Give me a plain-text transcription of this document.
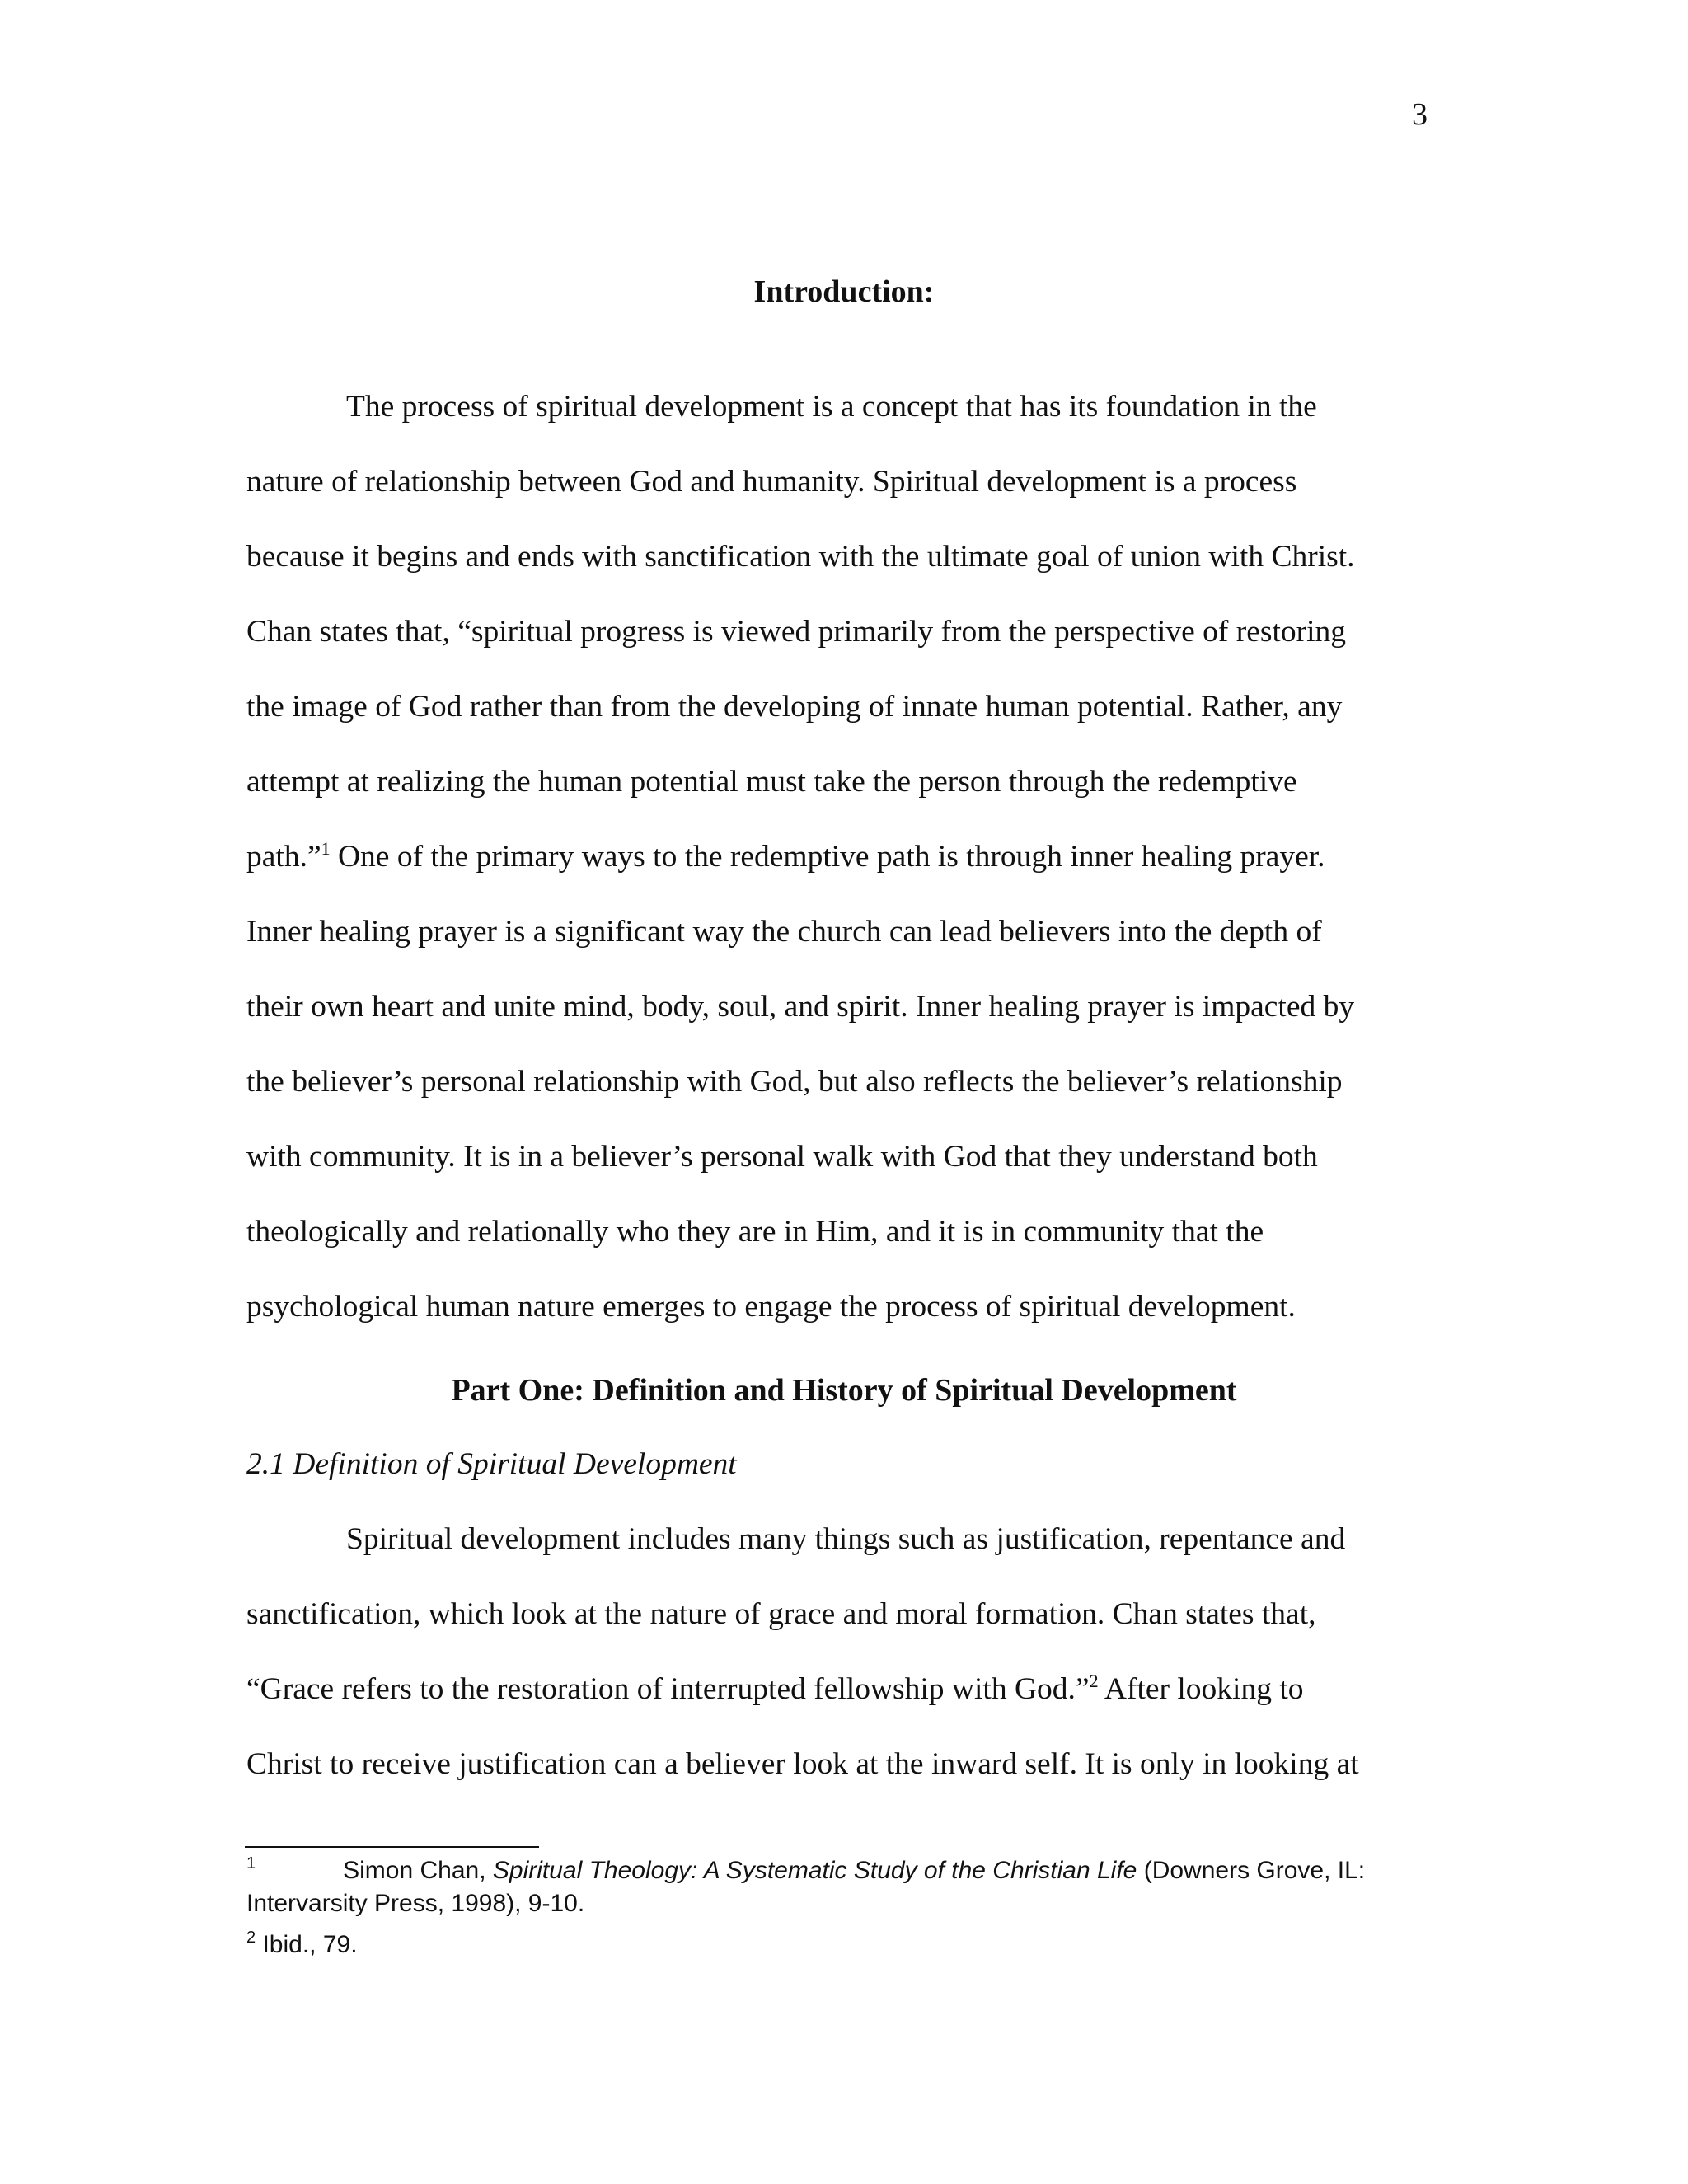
3
Introduction:
The process of spiritual development is a concept that has its foundation in the
nature of relationship between God and humanity. Spiritual development is a process
because it begins and ends with sanctification with the ultimate goal of union with Christ.
Chan states that, “spiritual progress is viewed primarily from the perspective of restoring
the image of God rather than from the developing of innate human potential. Rather, any
attempt at realizing the human potential must take the person through the redemptive
path.”$^1$ One of the primary ways to the redemptive path is through inner healing prayer.
Inner healing prayer is a significant way the church can lead believers into the depth of
their own heart and unite mind, body, soul, and spirit. Inner healing prayer is impacted by
the believer’s personal relationship with God, but also reflects the believer’s relationship
with community. It is in a believer’s personal walk with God that they understand both
theologically and relationally who they are in Him, and it is in community that the
psychological human nature emerges to engage the process of spiritual development.
Part One: Definition and History of Spiritual Development
2.1 Definition of Spiritual Development
Spiritual development includes many things such as justification, repentance and
sanctification, which look at the nature of grace and moral formation. Chan states that,
“Grace refers to the restoration of interrupted fellowship with God.”$^2$ After looking to
Christ to receive justification can a believer look at the inward self. It is only in looking at
$^1$	Simon Chan, Spiritual Theology: A Systematic Study of the Christian Life (Downers Grove, IL:
Intervarsity Press, 1998), 9-10.
$^2$ Ibid., 79.
